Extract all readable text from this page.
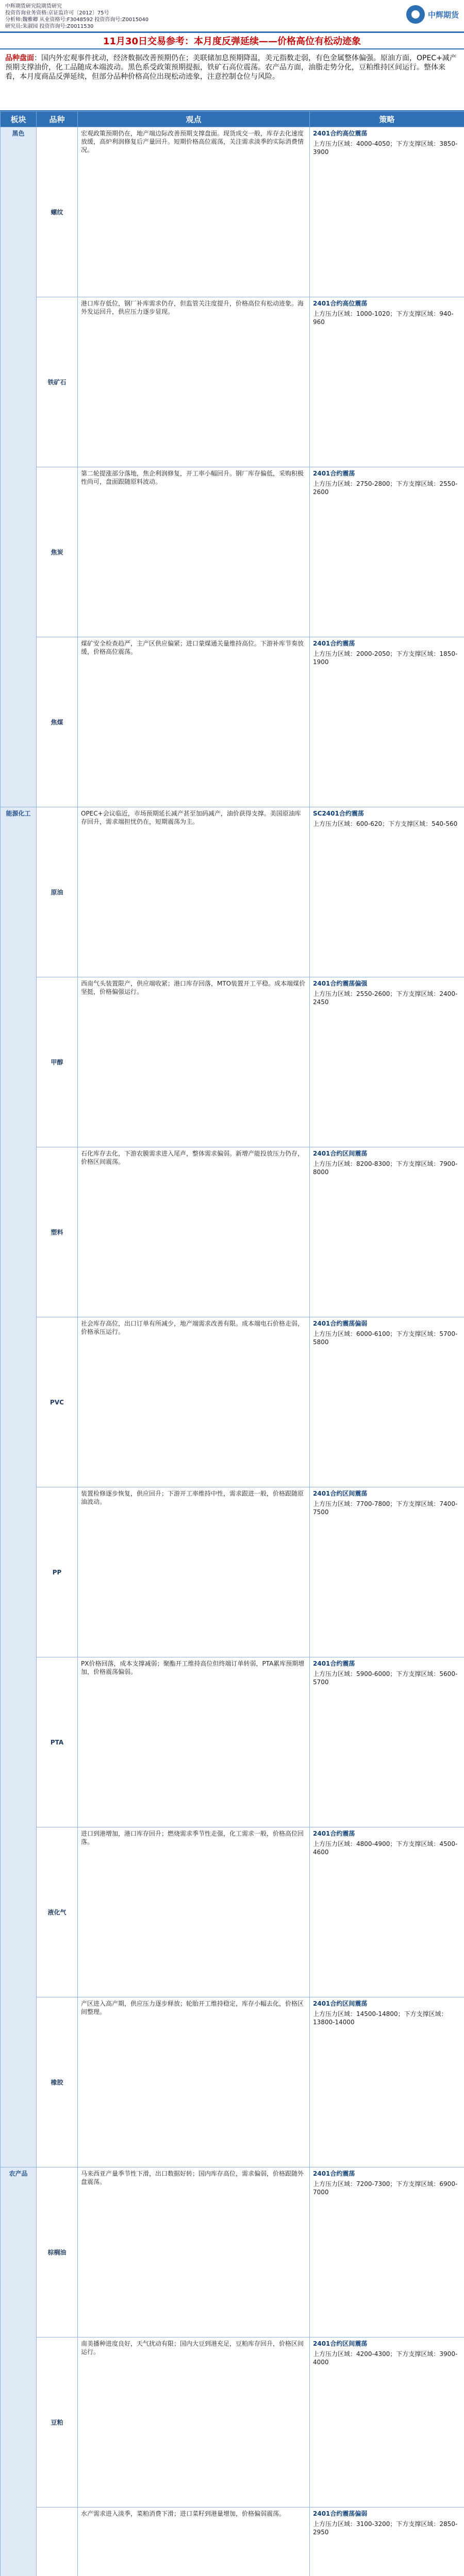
中辉期货研究院期货研究
投资咨询业务资格:京证监许可〔2012〕75号
分析师:魏雅卿 从业资格号:F3048592 投资咨询号:Z0015040
研究员:朱淑园 投资咨询号:Z0011530
中辉期货
11月30日交易参考：本月度反弹延续——价格高位有松动迹象
品种盘面：国内外宏观事件扰动，经济数据改善预期仍在；美联储加息预期降温，美元指数走弱，有色金属整体偏强。原油方面，OPEC+减产预期支撑油价，化工品随成本端波动。黑色系受政策预期提振，铁矿石高位震荡。农产品方面，油脂走势分化，豆粕维持区间运行。整体来看，本月度商品反弹延续，但部分品种价格高位出现松动迹象，注意控制仓位与风险。
板块	品种	观点	策略
黑色	螺纹	宏观政策预期仍在，地产端边际改善预期支撑盘面。现货成交一般，库存去化速度放缓，高炉利润修复后产量回升。短期价格高位震荡，关注需求淡季的实际消费情况。	2401合约高位震荡
上方压力区域：4000-4050；下方支撑区域：3850-3900

	铁矿石	港口库存低位，钢厂补库需求仍存，但监管关注度提升，价格高位有松动迹象。海外发运回升，供应压力逐步显现。	2401合约高位震荡
上方压力区域：1000-1020；下方支撑区域：940-960

	焦炭	第二轮提涨部分落地，焦企利润修复，开工率小幅回升。钢厂库存偏低，采购积极性尚可，盘面跟随原料波动。	2401合约震荡
上方压力区域：2750-2800；下方支撑区域：2550-2600

	焦煤	煤矿安全检查趋严，主产区供应偏紧；进口蒙煤通关量维持高位。下游补库节奏放缓，价格高位震荡。	2401合约震荡
上方压力区域：2000-2050；下方支撑区域：1850-1900

能源化工	原油	OPEC+会议临近，市场预期延长减产甚至加码减产，油价获得支撑。美国原油库存回升，需求端担忧仍在，短期震荡为主。	SC2401合约震荡
上方压力区域：600-620；下方支撑区域：540-560

	甲醇	西南气头装置限产，供应端收紧；港口库存回落，MTO装置开工平稳。成本端煤价坚挺，价格偏强运行。	2401合约震荡偏强
上方压力区域：2550-2600；下方支撑区域：2400-2450

	塑料	石化库存去化，下游农膜需求进入尾声，整体需求偏弱。新增产能投放压力仍存，价格区间震荡。	2401合约区间震荡
上方压力区域：8200-8300；下方支撑区域：7900-8000

	PVC	社会库存高位，出口订单有所减少，地产端需求改善有限。成本端电石价格走弱，价格承压运行。	2401合约震荡偏弱
上方压力区域：6000-6100；下方支撑区域：5700-5800

	PP	装置检修逐步恢复，供应回升；下游开工率维持中性，需求跟进一般，价格跟随原油波动。	2401合约区间震荡
上方压力区域：7700-7800；下方支撑区域：7400-7500

	PTA	PX价格回落，成本支撑减弱；聚酯开工维持高位但终端订单转弱，PTA累库预期增加，价格震荡偏弱。	2401合约震荡
上方压力区域：5900-6000；下方支撑区域：5600-5700

	液化气	进口到港增加，港口库存回升；燃烧需求季节性走强，化工需求一般，价格高位回落。	2401合约震荡
上方压力区域：4800-4900；下方支撑区域：4500-4600

	橡胶	产区进入高产期，供应压力逐步释放；轮胎开工维持稳定，库存小幅去化，价格区间整理。	2401合约区间震荡
上方压力区域：14500-14800；下方支撑区域：13800-14000

农产品	棕榈油	马来西亚产量季节性下滑，出口数据好转；国内库存高位，需求偏弱，价格跟随外盘震荡。	2401合约震荡
上方压力区域：7200-7300；下方支撑区域：6900-7000

	豆粕	南美播种进度良好，天气扰动有限；国内大豆到港充足，豆粕库存回升，价格区间运行。	2401合约区间震荡
上方压力区域：4200-4300；下方支撑区域：3900-4000

	水产需求进入淡季，菜粕消费下滑；进口菜籽到港量增加，价格偏弱震荡。	2401合约震荡偏弱
上方压力区域：3100-3200；下方支撑区域：2850-2950
